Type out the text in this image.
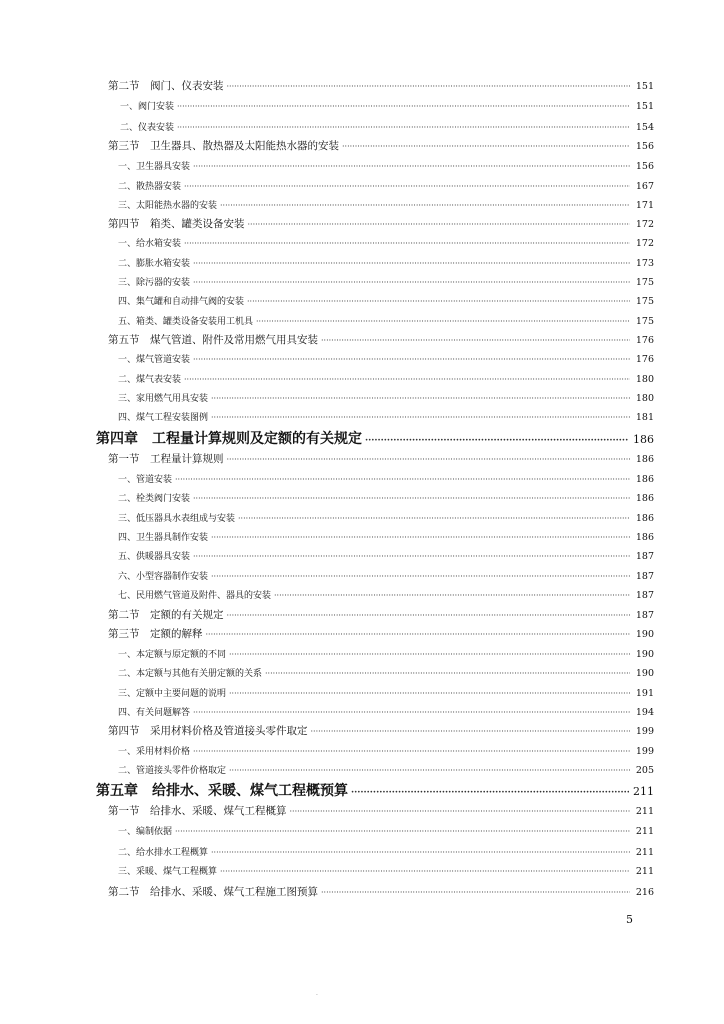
第二节　阀门、仪表安装 ·····	151
一、阀门安装 ·····	151
二、仪表安装 ·····	154
第三节　卫生器具、散热器及太阳能热水器的安装 ·····	156
一、卫生器具安装 ·····	156
二、散热器安装 ·····	167
三、太阳能热水器的安装 ·····	171
第四节　箱类、罐类设备安装 ·····	172
一、给水箱安装 ·····	172
二、膨胀水箱安装 ·····	173
三、除污器的安装 ·····	175
四、集气罐和自动排气阀的安装 ·····	175
五、箱类、罐类设备安装用工机具 ·····	175
第五节　煤气管道、附件及常用燃气用具安装 ·····	176
一、煤气管道安装 ·····	176
二、煤气表安装 ·····	180
三、家用燃气用具安装 ·····	180
四、煤气工程安装图例 ·····	181
第四章　工程量计算规则及定额的有关规定 ·····	186
第一节　工程量计算规则 ·····	186
一、管道安装 ·····	186
二、栓类阀门安装 ·····	186
三、低压器具水表组成与安装 ·····	186
四、卫生器具制作安装 ·····	186
五、供暖器具安装 ·····	187
六、小型容器制作安装 ·····	187
七、民用燃气管道及附件、器具的安装 ·····	187
第二节　定额的有关规定 ·····	187
第三节　定额的解释 ·····	190
一、本定额与原定额的不同 ·····	190
二、本定额与其他有关册定额的关系 ·····	190
三、定额中主要问题的说明 ·····	191
四、有关问题解答 ·····	194
第四节　采用材料价格及管道接头零件取定 ·····	199
一、采用材料价格 ·····	199
二、管道接头零件价格取定 ·····	205
第五章　给排水、采暖、煤气工程概预算 ·····	211
第一节　给排水、采暖、煤气工程概算 ·····	211
一、编制依据 ·····	211
二、给水排水工程概算 ·····	211
三、采暖、煤气工程概算 ·····	211
第二节　给排水、采暖、煤气工程施工图预算 ·····	216
5
·
